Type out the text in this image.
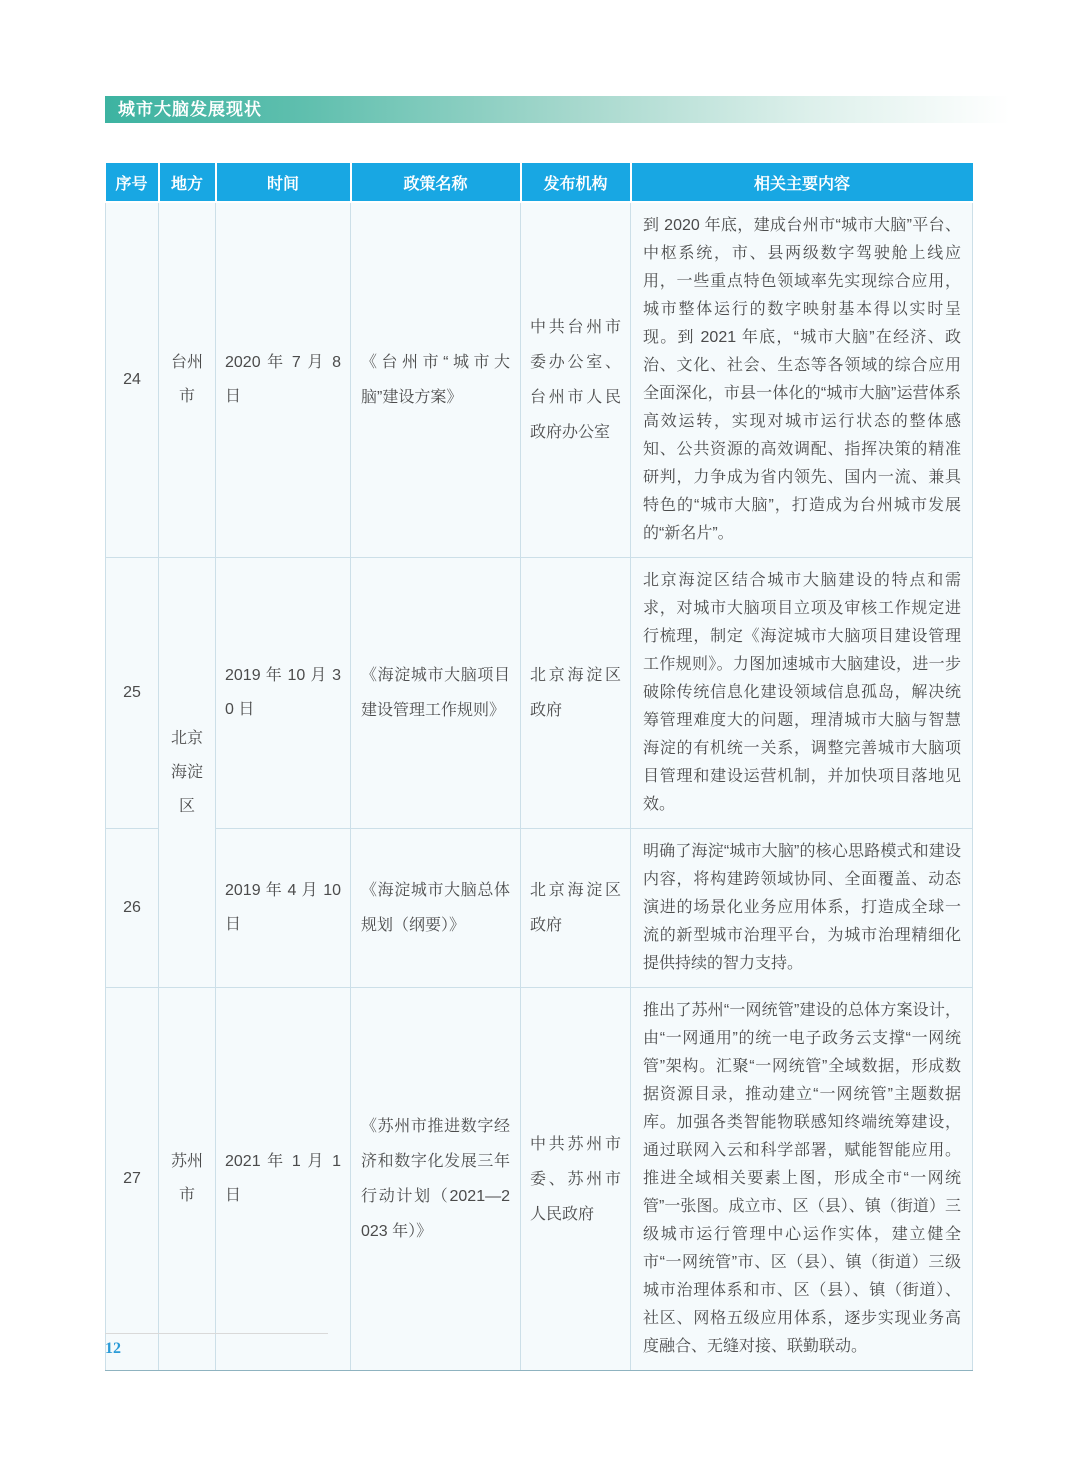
城市大脑发展现状
序号	地方	时间	政策名称	发布机构	相关主要内容
24	台州市	2020 年 7 月 8 日	《台州市“城市大脑”建设方案》	中共台州市委办公室、台州市人民政府办公室	到 2020 年底，建成台州市“城市大脑”平台、中枢系统，市、县两级数字驾驶舱上线应用，一些重点特色领域率先实现综合应用，城市整体运行的数字映射基本得以实时呈现。到 2021 年底，“城市大脑”在经济、政治、文化、社会、生态等各领域的综合应用全面深化，市县一体化的“城市大脑”运营体系高效运转，实现对城市运行状态的整体感知、公共资源的高效调配、指挥决策的精准研判，力争成为省内领先、国内一流、兼具特色的“城市大脑”，打造成为台州城市发展的“新名片”。
25	北京海淀区	2019 年 10 月 30 日	《海淀城市大脑项目建设管理工作规则》	北京海淀区政府	北京海淀区结合城市大脑建设的特点和需求，对城市大脑项目立项及审核工作规定进行梳理，制定《海淀城市大脑项目建设管理工作规则》。力图加速城市大脑建设，进一步破除传统信息化建设领域信息孤岛，解决统筹管理难度大的问题，理清城市大脑与智慧海淀的有机统一关系，调整完善城市大脑项目管理和建设运营机制，并加快项目落地见效。
26		2019 年 4 月 10 日	《海淀城市大脑总体规划（纲要）》	北京海淀区政府	明确了海淀“城市大脑”的核心思路模式和建设内容，将构建跨领域协同、全面覆盖、动态演进的场景化业务应用体系，打造成全球一流的新型城市治理平台，为城市治理精细化提供持续的智力支持。
27	苏州市	2021 年 1 月 1 日	《苏州市推进数字经济和数字化发展三年行动计划（2021—2023 年）》	中共苏州市委、苏州市人民政府	推出了苏州“一网统管”建设的总体方案设计，由“一网通用”的统一电子政务云支撑“一网统管”架构。汇聚“一网统管”全域数据，形成数据资源目录，推动建立“一网统管”主题数据库。加强各类智能物联感知终端统筹建设，通过联网入云和科学部署，赋能智能应用。推进全域相关要素上图，形成全市“一网统管”一张图。成立市、区（县）、镇（街道）三级城市运行管理中心运作实体，建立健全市“一网统管”市、区（县）、镇（街道）三级城市治理体系和市、区（县）、镇（街道）、社区、网格五级应用体系，逐步实现业务高度融合、无缝对接、联勤联动。
12
